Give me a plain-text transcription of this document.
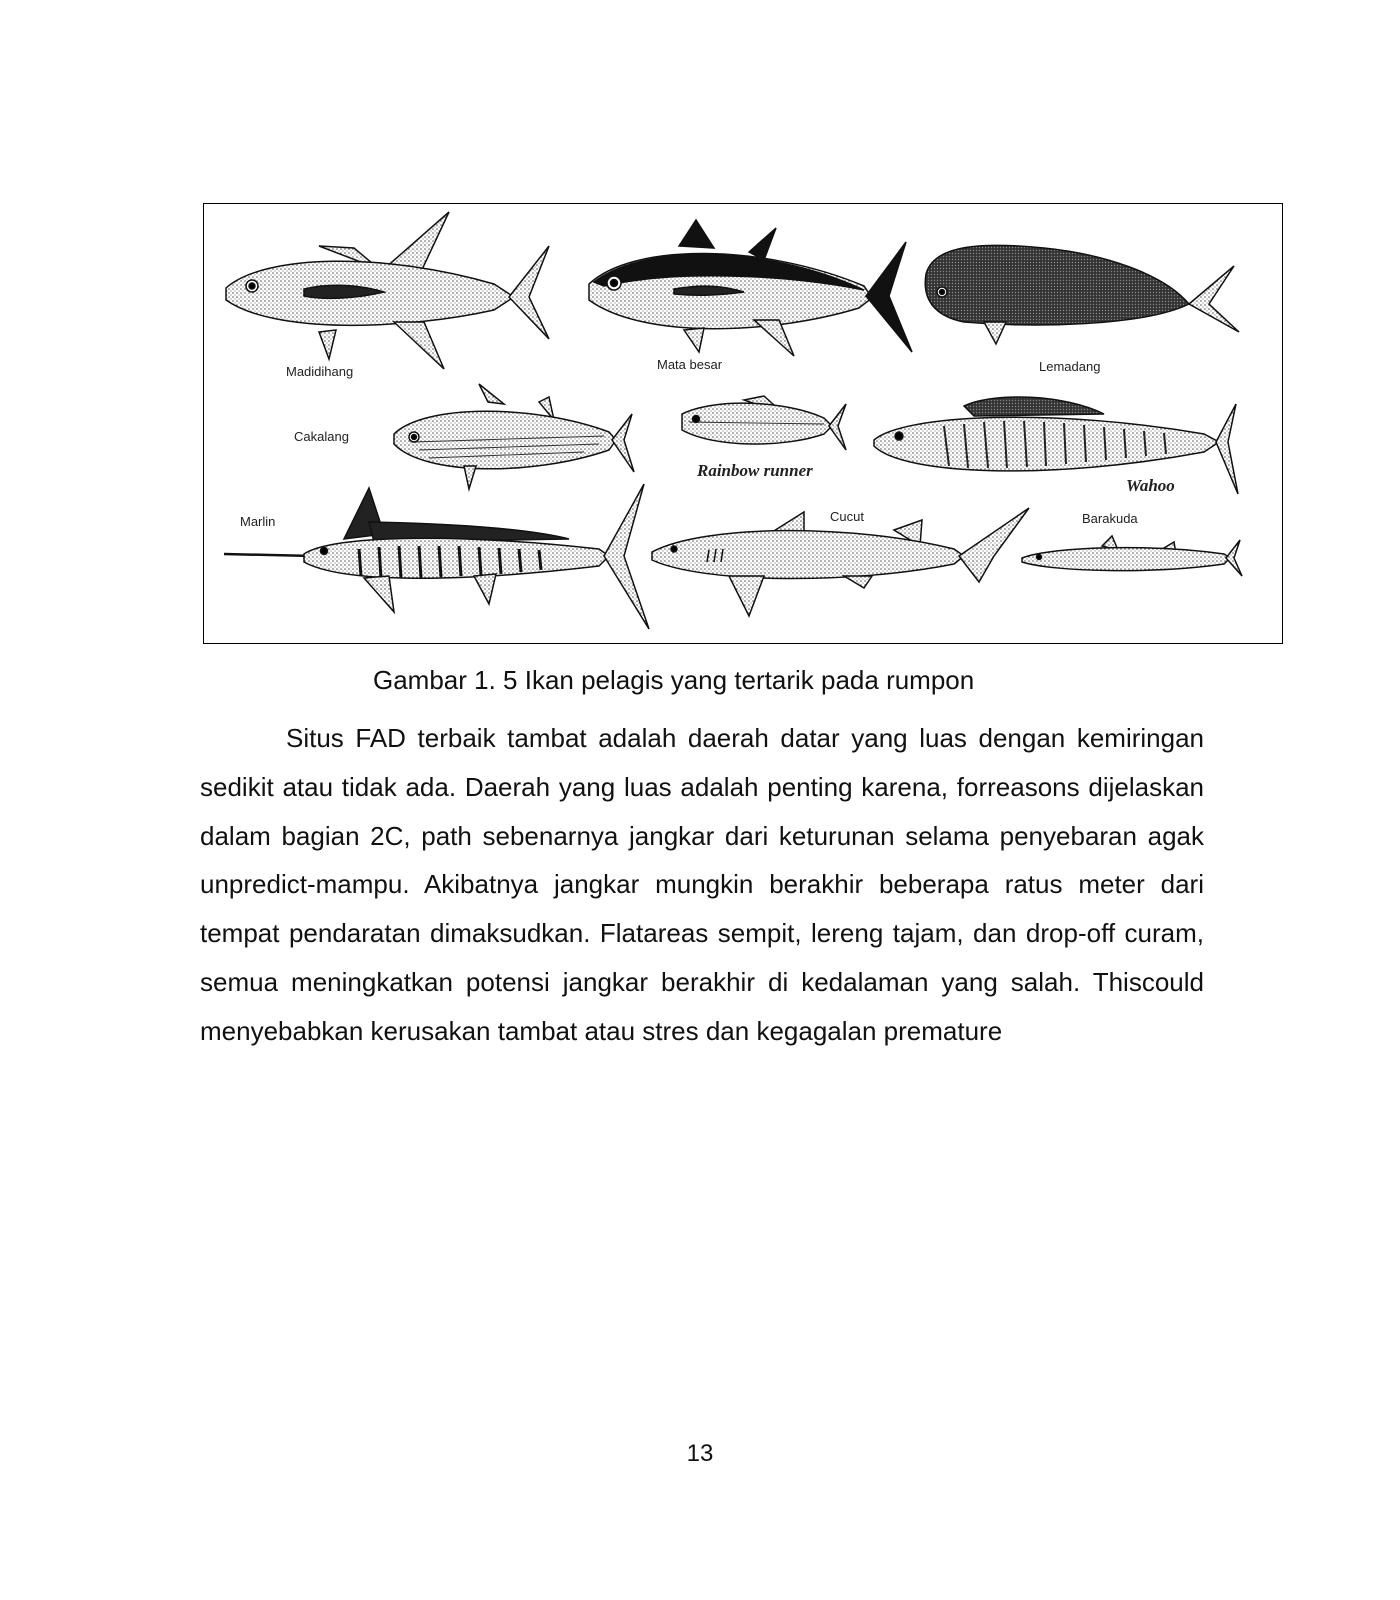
Madidihang	Mata besar	Lemadang
Cakalang
Rainbow runner
Wahoo
Marlin	Cucut	Barakuda
Gambar 1. 5 Ikan pelagis yang tertarik pada rumpon

Situs FAD terbaik tambat adalah daerah datar yang luas dengan kemiringan sedikit atau tidak ada. Daerah yang luas adalah penting karena, forreasons dijelaskan dalam bagian 2C, path sebenarnya jangkar dari keturunan selama penyebaran agak unpredict-mampu. Akibatnya jangkar mungkin berakhir beberapa ratus meter dari tempat pendaratan dimaksudkan. Flatareas sempit, lereng tajam, dan drop-off curam, semua meningkatkan potensi jangkar berakhir di kedalaman yang salah. Thiscould menyebabkan kerusakan tambat atau stres dan kegagalan premature

13
